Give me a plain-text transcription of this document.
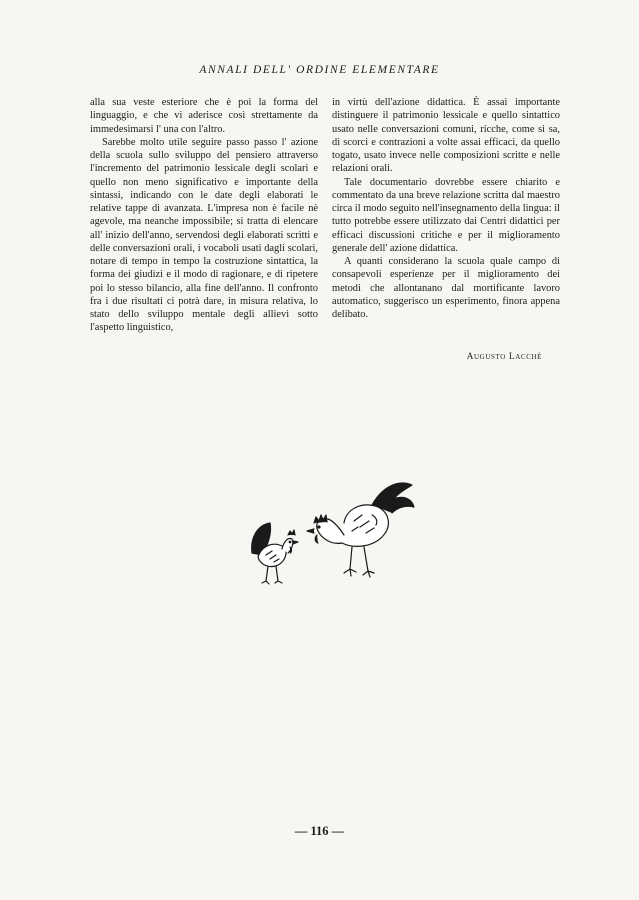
ANNALI DELL' ORDINE ELEMENTARE

alla sua veste esteriore che è poi la forma del linguaggio, e che vi aderisce così strettamente da immedesimarsi l' una con l'altro.

Sarebbe molto utile seguire passo passo l' azione della scuola sullo sviluppo del pensiero attraverso l'incremento del patrimonio lessicale degli scolari e quello non meno significativo e importante della sintassi, indicando con le date degli elaborati le relative tappe di avanzata. L'impresa non è facile nè agevole, ma neanche impossibile; si tratta di elencare all' inizio dell'anno, servendosi degli elaborati scritti e delle conversazioni orali, i vocaboli usati dagli scolari, notare di tempo in tempo la costruzione sintattica, la forma dei giudizi e il modo di ragionare, e di ripetere poi lo stesso bilancio, alla fine dell'anno. Il confronto fra i due risultati ci potrà dare, in misura relativa, lo stato dello sviluppo mentale degli allievi sotto l'aspetto linguistico,

in virtù dell'azione didattica. È assai importante distinguere il patrimonio lessicale e quello sintattico usato nelle conversazioni comuni, ricche, come si sa, di scorci e contrazioni a volte assai efficaci, da quello togato, usato invece nelle composizioni scritte e nelle relazioni orali.

Tale documentario dovrebbe essere chiarito e commentato da una breve relazione scritta dal maestro circa il modo seguito nell'insegnamento della lingua: il tutto potrebbe essere utilizzato dai Centri didattici per efficaci discussioni critiche e per il miglioramento generale dell' azione didattica.

A quanti considerano la scuola quale campo di consapevoli esperienze per il miglioramento dei metodi che allontanano dal mortificante lavoro automatico, suggerisco un esperimento, finora appena delibato.

Augusto Lacchè
— 116 —
